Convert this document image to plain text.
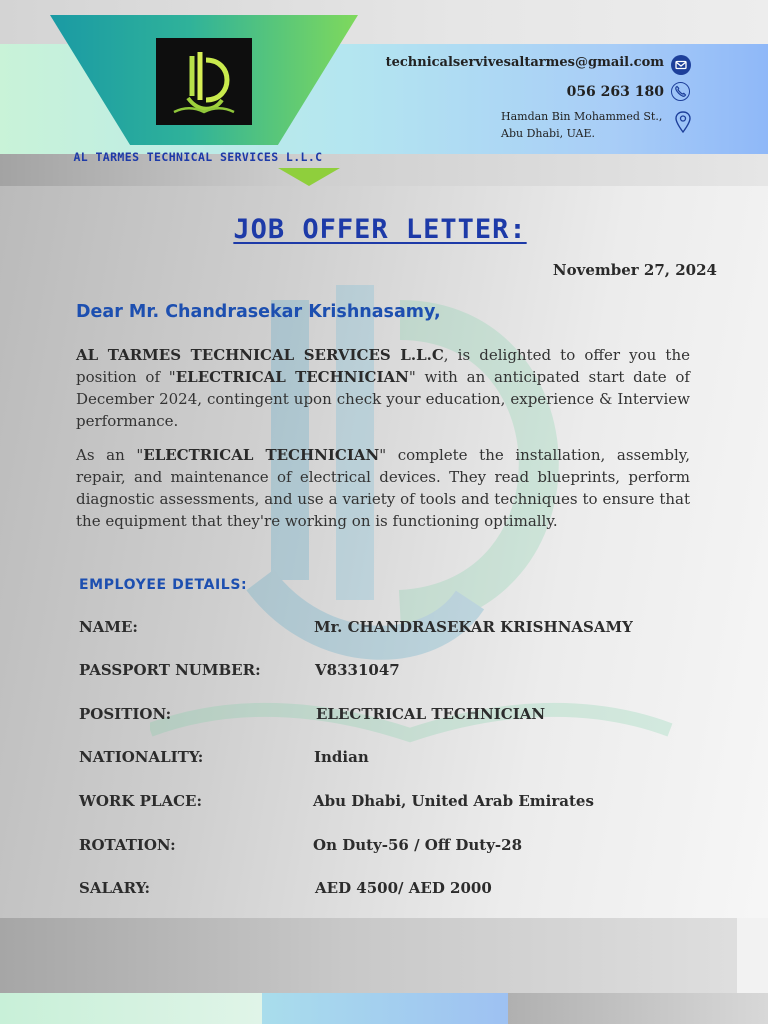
AL TARMES TECHNICAL SERVICES L.L.C
technicalservivesaltarmes@gmail.com
056 263 180
Hamdan Bin Mohammed St.,
Abu Dhabi, UAE.
JOB OFFER LETTER:
November 27, 2024
Dear Mr. Chandrasekar Krishnasamy,
AL TARMES TECHNICAL SERVICES L.L.C, is delighted to offer you the position of "ELECTRICAL TECHNICIAN" with an anticipated start date of December 2024, contingent upon check your education, experience & Interview performance.
As an "ELECTRICAL TECHNICIAN" complete the installation, assembly, repair, and maintenance of electrical devices. They read blueprints, perform diagnostic assessments, and use a variety of tools and techniques to ensure that the equipment that they're working on is functioning optimally.
EMPLOYEE DETAILS:
NAME:	Mr. CHANDRASEKAR KRISHNASAMY
PASSPORT NUMBER:	V8331047
POSITION:	ELECTRICAL TECHNICIAN
NATIONALITY:	Indian
WORK PLACE:	Abu Dhabi, United Arab Emirates
ROTATION:	On Duty-56 / Off Duty-28
SALARY:	AED 4500/ AED 2000
